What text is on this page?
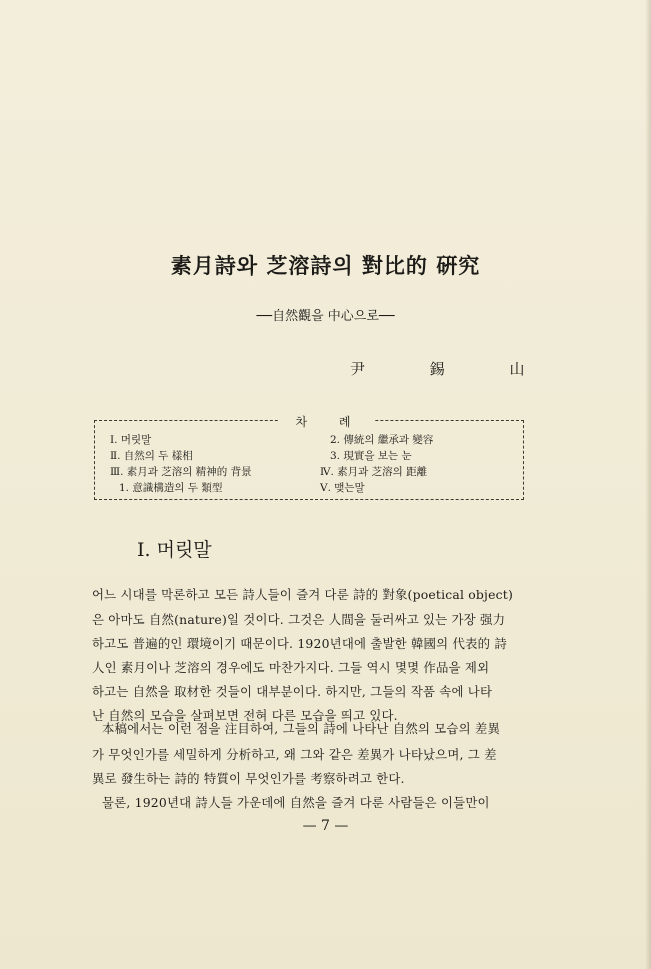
素月詩와 芝溶詩의 對比的 硏究
──自然觀을 中心으로──
尹 錫 山
차 례
Ⅰ. 머릿말
Ⅱ. 自然의 두 樣相
Ⅲ. 素月과 芝溶의 精神的 背景
1. 意識構造의 두 類型
2. 傳統의 繼承과 變容
3. 現實을 보는 눈
Ⅳ. 素月과 芝溶의 距離
Ⅴ. 맺는말
Ⅰ. 머릿말
어느 시대를 막론하고 모든 詩人들이 즐겨 다룬 詩的 對象(poetical object)
은 아마도 自然(nature)일 것이다. 그것은 人間을 둘러싸고 있는 가장 强力
하고도 普遍的인 環境이기 때문이다. 1920년대에 출발한 韓國의 代表的 詩
人인 素月이나 芝溶의 경우에도 마찬가지다. 그들 역시 몇몇 作品을 제외
하고는 自然을 取材한 것들이 대부분이다. 하지만, 그들의 작품 속에 나타
난 自然의 모습을 살펴보면 전혀 다른 모습을 띄고 있다.
本稿에서는 이런 점을 注目하여, 그들의 詩에 나타난 自然의 모습의 差異
가 무엇인가를 세밀하게 分析하고, 왜 그와 같은 差異가 나타났으며, 그 差
異로 發生하는 詩的 特質이 무엇인가를 考察하려고 한다.
물론, 1920년대 詩人들 가운데에 自然을 즐겨 다룬 사람들은 이들만이
— 7 —
